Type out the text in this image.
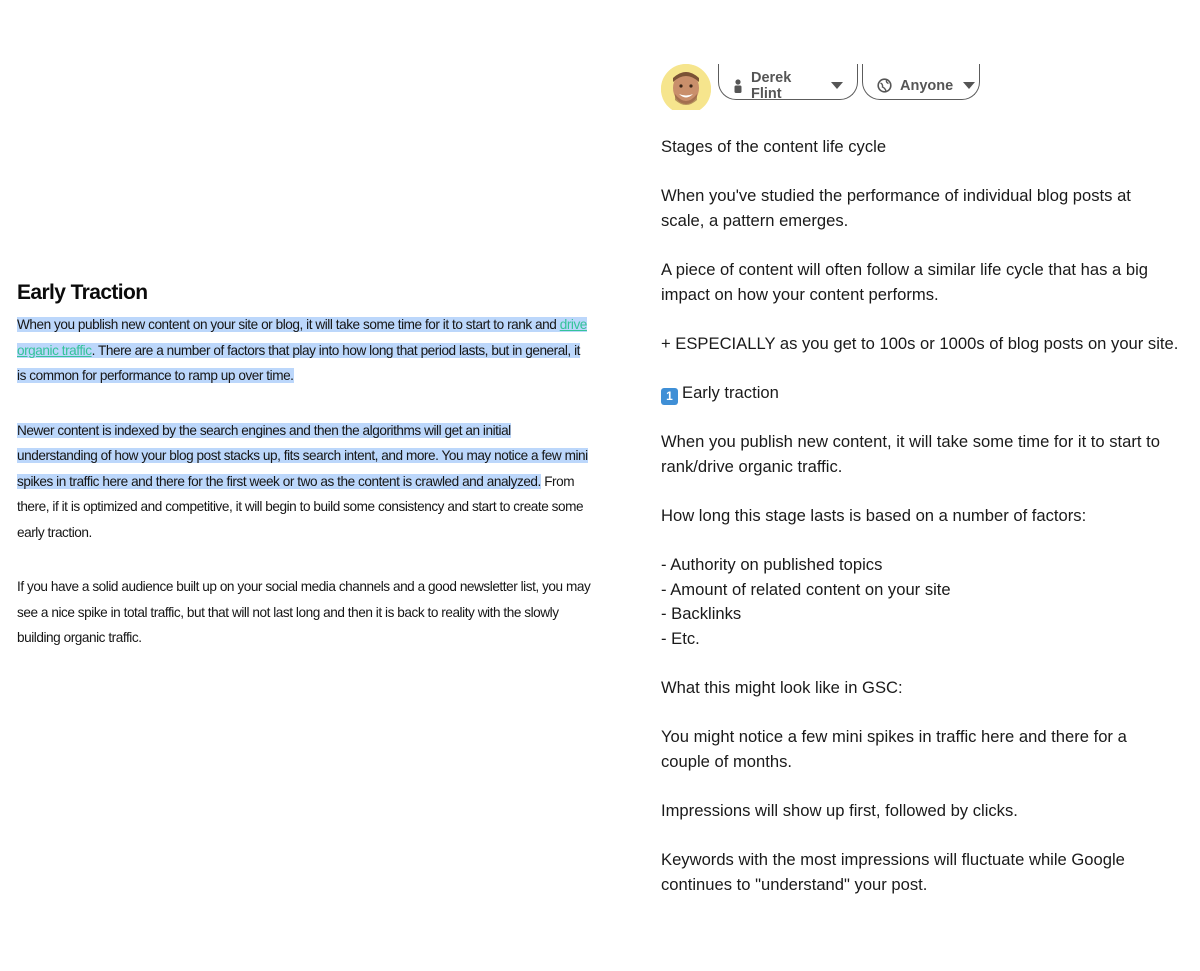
Early Traction

When you publish new content on your site or blog, it will take some time for it to start to rank and drive organic traffic. There are a number of factors that play into how long that period lasts, but in general, it is common for performance to ramp up over time.

Newer content is indexed by the search engines and then the algorithms will get an initial understanding of how your blog post stacks up, fits search intent, and more. You may notice a few mini spikes in traffic here and there for the first week or two as the content is crawled and analyzed. From there, if it is optimized and competitive, it will begin to build some consistency and start to create some early traction.

If you have a solid audience built up on your social media channels and a good newsletter list, you may see a nice spike in total traffic, but that will not last long and then it is back to reality with the slowly building organic traffic.

Derek Flint	Anyone

Stages of the content life cycle

When you've studied the performance of individual blog posts at

scale, a pattern emerges.

A piece of content will often follow a similar life cycle that has a big

impact on how your content performs.

+ ESPECIALLY as you get to 100s or 1000s of blog posts on your site.

1 Early traction

When you publish new content, it will take some time for it to start to

rank/drive organic traffic.

How long this stage lasts is based on a number of factors:

- Authority on published topics

- Amount of related content on your site

- Backlinks

- Etc.

What this might look like in GSC:

You might notice a few mini spikes in traffic here and there for a

couple of months.

Impressions will show up first, followed by clicks.

Keywords with the most impressions will fluctuate while Google

continues to "understand" your post.
